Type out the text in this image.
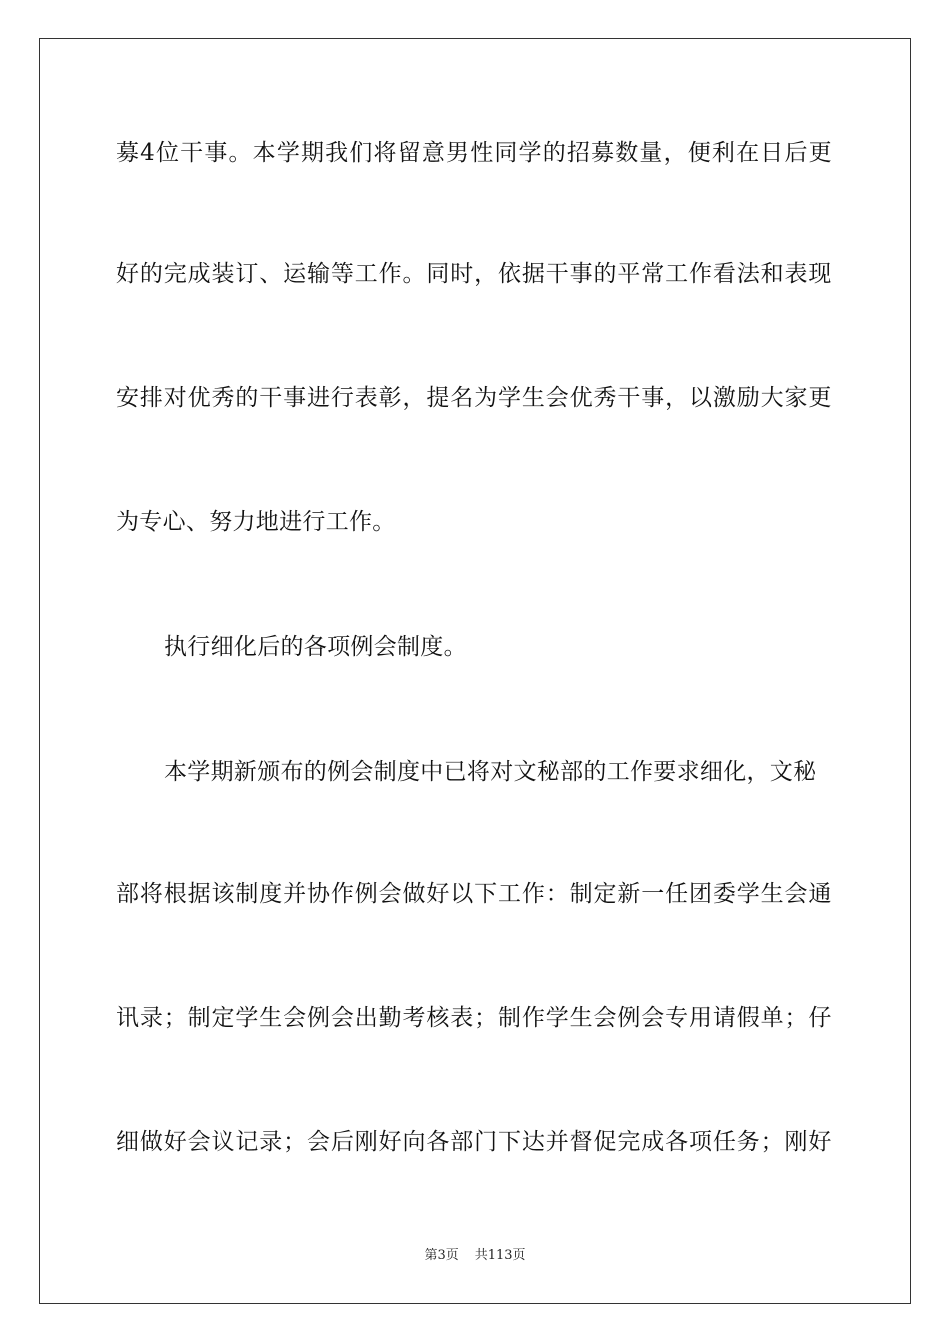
募 4 位 干 事 。 本 学 期 我 们 将 留 意 男 性 同 学 的 招 募 数 量 ， 便 利 在 日 后 更
好 的 完 成 装 订 、 运 输 等 工 作 。 同 时 ， 依 据 干 事 的 平 常 工 作 看 法 和 表 现
安 排 对 优 秀 的 干 事 进 行 表 彰 ， 提 名 为 学 生 会 优 秀 干 事 ， 以 激 励 大 家 更
为专心、努力地进行工作。
执行细化后的各项例会制度。
本学期新颁布的例会制度中已将对文秘部的工作要求细化，文秘
部 将 根 据 该 制 度 并 协 作 例 会 做 好 以 下 工 作 ： 制 定 新 一 任 团 委 学 生 会 通
讯 录 ； 制 定 学 生 会 例 会 出 勤 考 核 表 ； 制 作 学 生 会 例 会 专 用 请 假 单 ； 仔
细 做 好 会 议 记 录 ； 会 后 刚 好 向 各 部 门 下 达 并 督 促 完 成 各 项 任 务 ； 刚 好
第3页 共113页
